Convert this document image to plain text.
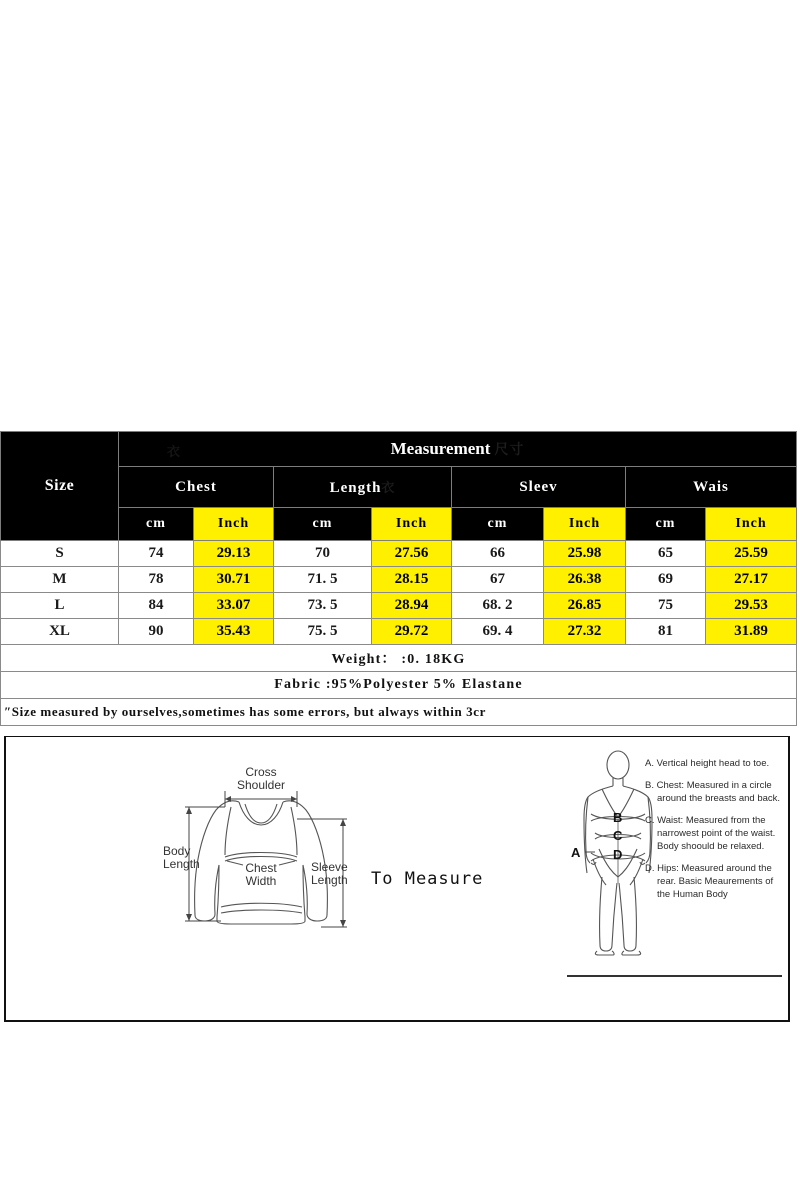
Size	衣 Measurement 尺寸							

	Chest		Length衣		Sleev		Wais	

	cm	Inch	cm	Inch	cm	Inch	cm	Inch
S	74	29.13	70	27.56	66	25.98	65	25.59
M	78	30.71	71. 5	28.15	67	26.38	69	27.17
L	84	33.07	73. 5	28.94	68. 2	26.85	75	29.53
XL	90	35.43	75. 5	29.72	69. 4	27.32	81	31.89
Weight： :0. 18KG								
Fabric :95%Polyester 5% Elastane								
″Size measured by ourselves,sometimes has some errors, but always within 3cr								
Cross
Shoulder
Body
Length	Chest
Width
Sleeve
Length To Measure
A
B
C
D
A. Vertical height head to toe.
B. Chest: Measured in a circle around the breasts and back.
C. Waist: Measured from the narrowest point of the waist. Body shoould be relaxed.
D. Hips: Measured around the rear. Basic Meaurements of the Human Body
